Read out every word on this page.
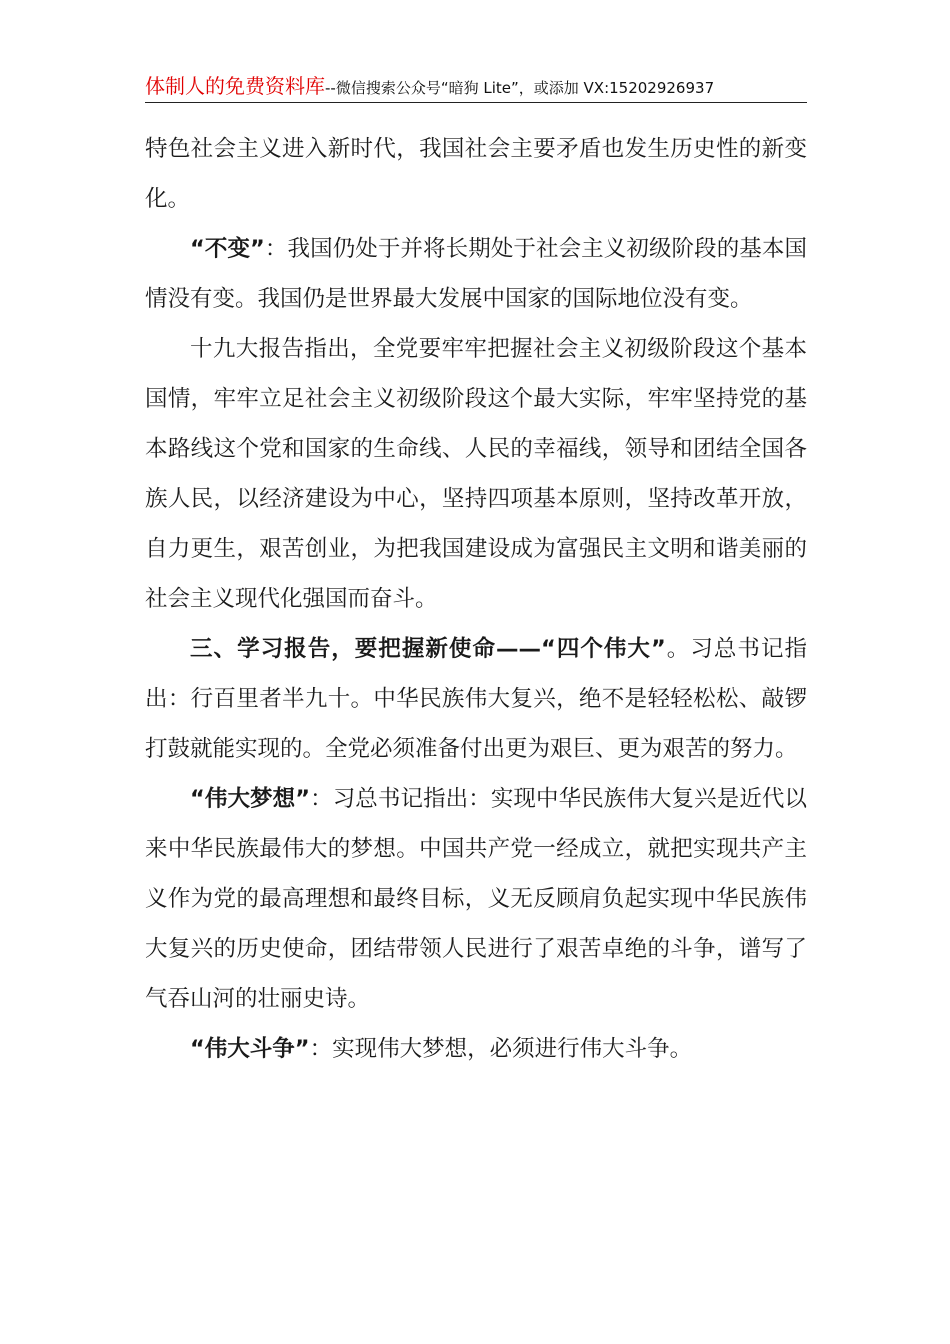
体制人的免费资料库--微信搜索公众号“暗狗 Lite”，或添加 VX:15202926937

特色社会主义进入新时代，我国社会主要矛盾也发生历史性的新变化。

“不变”：我国仍处于并将长期处于社会主义初级阶段的基本国情没有变。我国仍是世界最大发展中国家的国际地位没有变。

十九大报告指出，全党要牢牢把握社会主义初级阶段这个基本国情，牢牢立足社会主义初级阶段这个最大实际，牢牢坚持党的基本路线这个党和国家的生命线、人民的幸福线，领导和团结全国各族人民，以经济建设为中心，坚持四项基本原则，坚持改革开放，自力更生，艰苦创业，为把我国建设成为富强民主文明和谐美丽的社会主义现代化强国而奋斗。

三、学习报告，要把握新使命——“四个伟大”。习总书记指出：行百里者半九十。中华民族伟大复兴，绝不是轻轻松松、敲锣打鼓就能实现的。全党必须准备付出更为艰巨、更为艰苦的努力。

“伟大梦想”：习总书记指出：实现中华民族伟大复兴是近代以来中华民族最伟大的梦想。中国共产党一经成立，就把实现共产主义作为党的最高理想和最终目标，义无反顾肩负起实现中华民族伟大复兴的历史使命，团结带领人民进行了艰苦卓绝的斗争，谱写了气吞山河的壮丽史诗。

“伟大斗争”：实现伟大梦想，必须进行伟大斗争。
